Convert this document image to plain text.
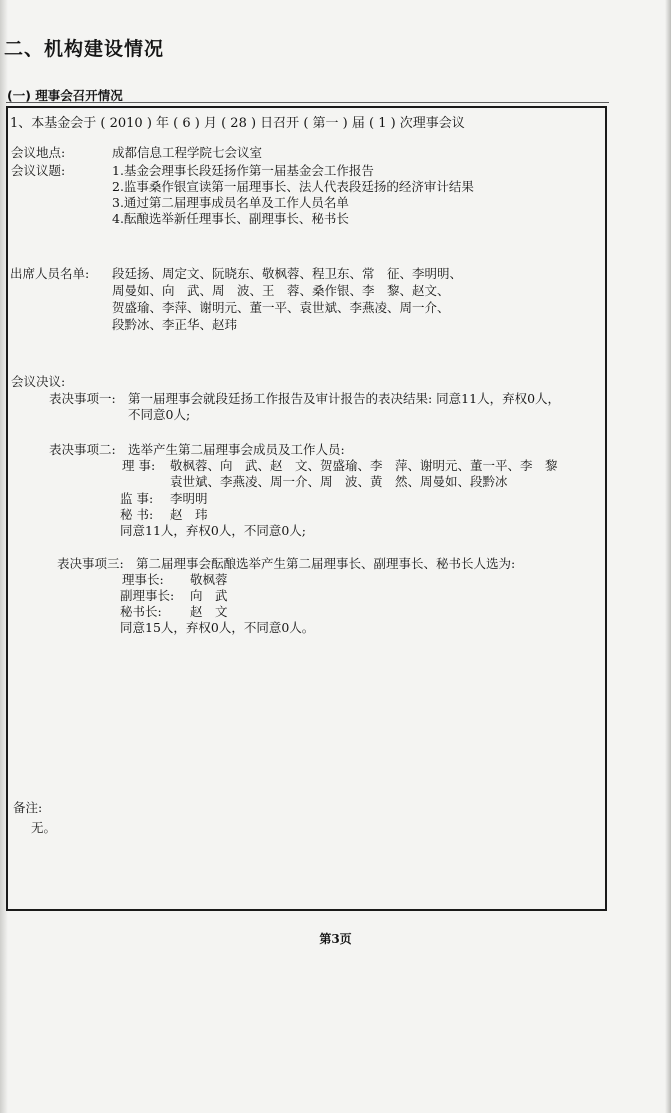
二、机构建设情况
(一) 理事会召开情况
1、本基金会于 ( 2010 ) 年 ( 6 ) 月 ( 28 ) 日召开 ( 第一 ) 届 ( 1 ) 次理事会议
会议地点:	成都信息工程学院七会议室
会议议题:	1.基金会理事长段廷扬作第一届基金会工作报告
2.监事桑作银宣读第一届理事长、法人代表段廷扬的经济审计结果
3.通过第二届理事成员名单及工作人员名单
4.酝酿选举新任理事长、副理事长、秘书长
出席人员名单: 段廷扬、周定文、阮晓东、敬枫蓉、程卫东、常　征、李明明、
周曼如、向　武、周　波、王　蓉、桑作银、李　黎、赵文、
贺盛瑜、李萍、谢明元、董一平、袁世斌、李燕凌、周一介、
段黔冰、李正华、赵玮
会议决议:
表决事项一: 第一届理事会就段廷扬工作报告及审计报告的表决结果: 同意11人，弃权0人，
不同意0人;
表决事项二: 选举产生第二届理事会成员及工作人员:
理 事: 敬枫蓉、向　武、赵　文、贺盛瑜、李　萍、谢明元、董一平、李　黎
袁世斌、李燕凌、周一介、周　波、黄　然、周曼如、段黔冰
监 事: 李明明
秘 书: 赵　玮
同意11人，弃权0人，不同意0人;
表决事项三: 第二届理事会酝酿选举产生第二届理事长、副理事长、秘书长人选为:
理事长: 敬枫蓉
副理事长: 向　武
秘书长: 赵　文
同意15人，弃权0人，不同意0人。
备注:
无。
第3页
